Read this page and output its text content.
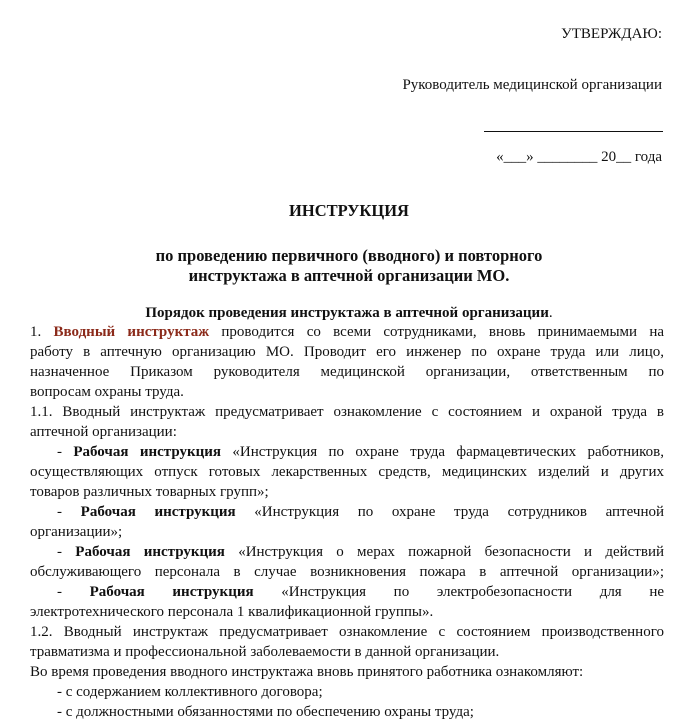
УТВЕРЖДАЮ:
Руководитель медицинской организации
«___» ________ 20__ года
ИНСТРУКЦИЯ
по проведению первичного (вводного) и повторного
инструктажа в аптечной организации МО.
Порядок проведения инструктажа в аптечной организации.
1. Вводный инструктаж проводится со всеми сотрудниками, вновь принимаемыми на
работу в аптечную организацию МО. Проводит его инженер по охране труда или лицо,
назначенное Приказом руководителя медицинской организации, ответственным по
вопросам охраны труда.
1.1. Вводный инструктаж предусматривает ознакомление с состоянием и охраной труда в
аптечной организации:
- Рабочая инструкция «Инструкция по охране труда фармацевтических работников,
осуществляющих отпуск готовых лекарственных средств, медицинских изделий и других
товаров различных товарных групп»;
- Рабочая инструкция «Инструкция по охране труда сотрудников аптечной
организации»;
- Рабочая инструкция «Инструкция о мерах пожарной безопасности и действий
обслуживающего персонала в случае возникновения пожара в аптечной организации»;
- Рабочая инструкция «Инструкция по электробезопасности для не
электротехнического персонала 1 квалификационной группы».
1.2. Вводный инструктаж предусматривает ознакомление с состоянием производственного
травматизма и профессиональной заболеваемости в данной организации.
Во время проведения вводного инструктажа вновь принятого работника ознакомляют:
- с содержанием коллективного договора;
- с должностными обязанностями по обеспечению охраны труда;
